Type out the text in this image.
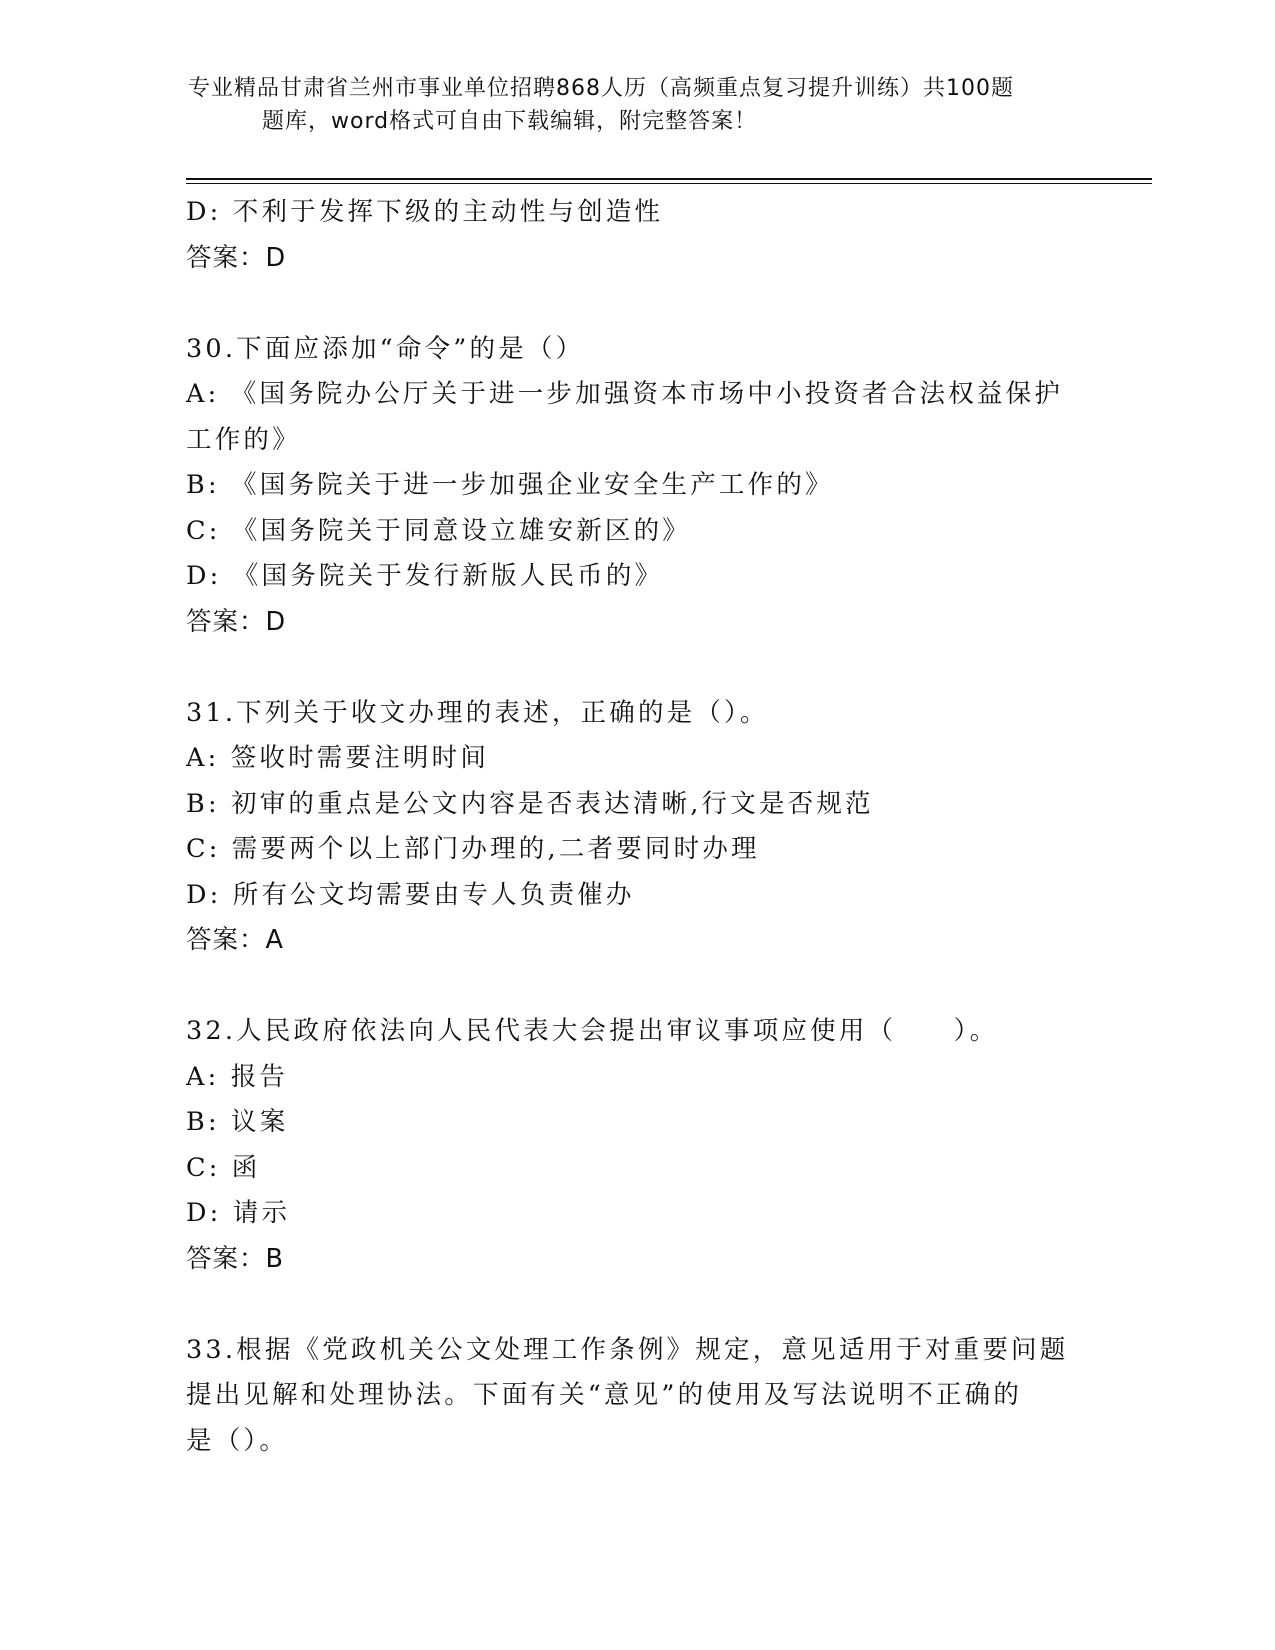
专业精品甘肃省兰州市事业单位招聘868人历（高频重点复习提升训练）共100题
题库，word格式可自由下载编辑，附完整答案！
D: 不利于发挥下级的主动性与创造性
答案：D
30.下面应添加“命令”的是（）
A: 《国务院办公厅关于进一步加强资本市场中小投资者合法权益保护
工作的》
B: 《国务院关于进一步加强企业安全生产工作的》
C: 《国务院关于同意设立雄安新区的》
D: 《国务院关于发行新版人民币的》
答案：D
31.下列关于收文办理的表述，正确的是（）。
A: 签收时需要注明时间
B: 初审的重点是公文内容是否表达清晰,行文是否规范
C: 需要两个以上部门办理的,二者要同时办理
D: 所有公文均需要由专人负责催办
答案：A
32.人民政府依法向人民代表大会提出审议事项应使用（　　）。
A: 报告
B: 议案
C: 函
D: 请示
答案：B
33.根据《党政机关公文处理工作条例》规定，意见适用于对重要问题
提出见解和处理协法。下面有关“意见”的使用及写法说明不正确的
是（）。
